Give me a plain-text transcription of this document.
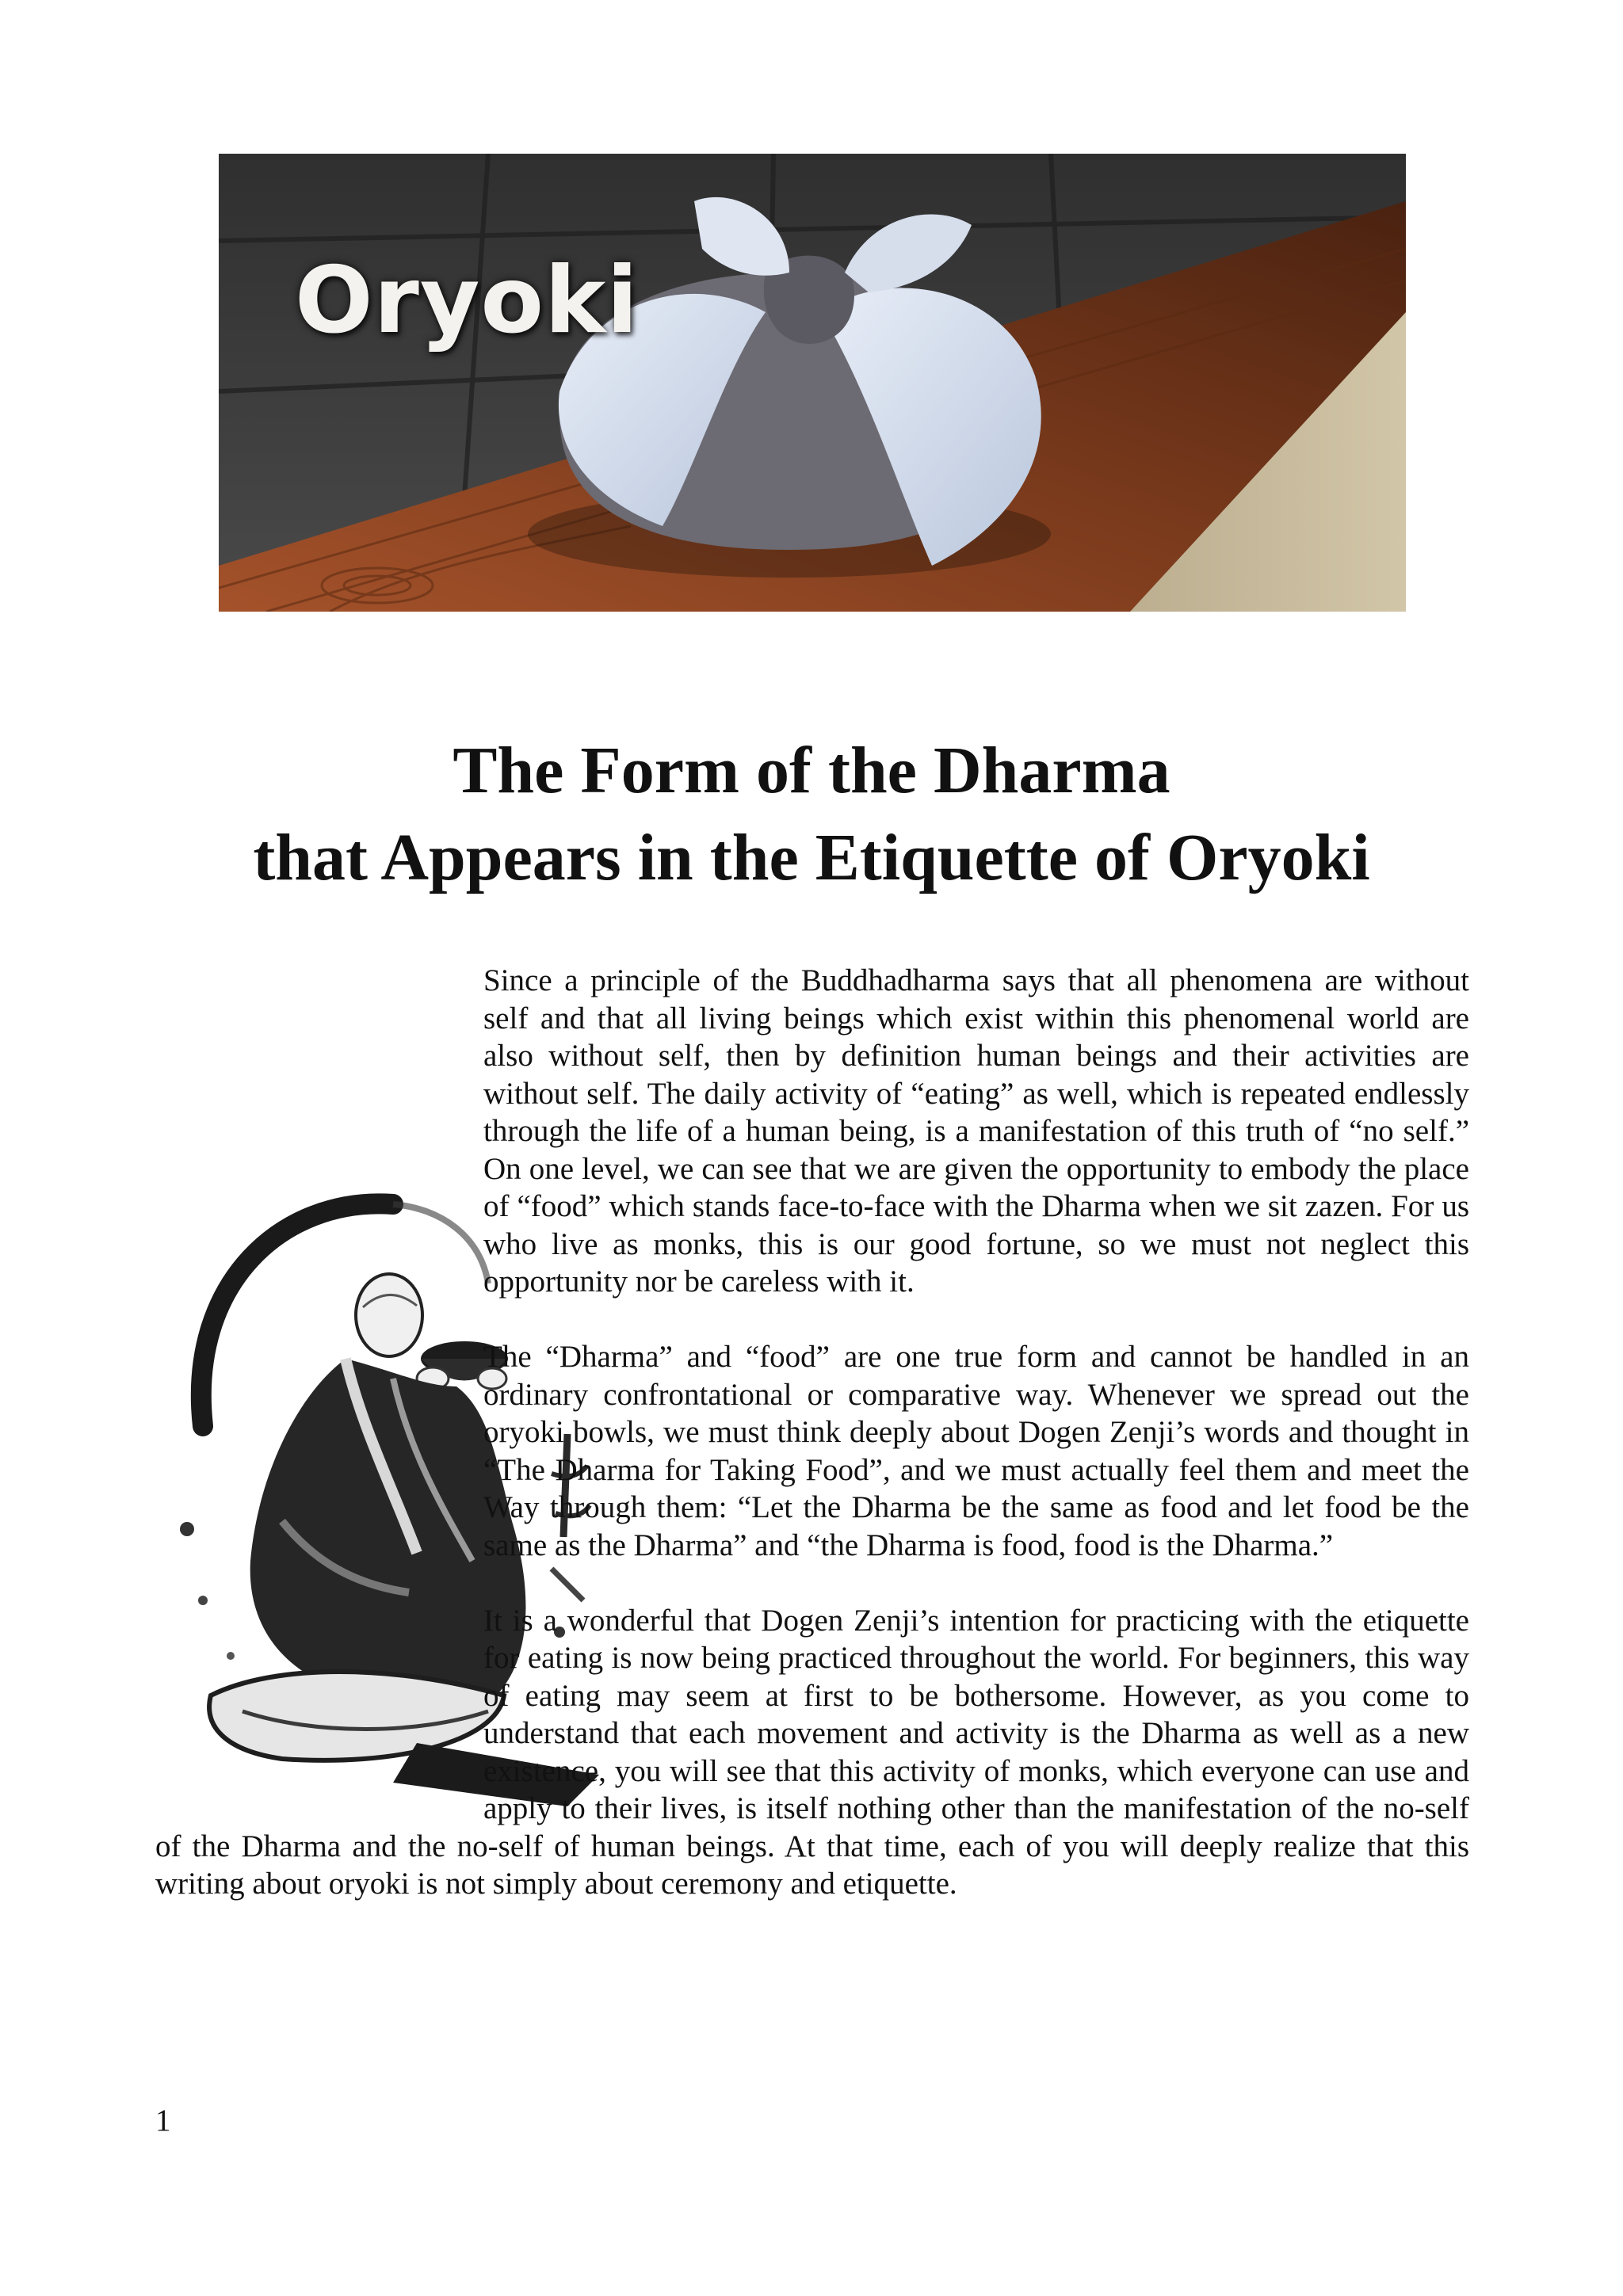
Oryoki
The Form of the Dharma
that Appears in the Etiquette of Oryoki

Since a principle of the Buddhadharma says that all phenomena are without self and that all living beings which exist within this phenomenal world are also without self, then by definition human beings and their activities are without self. The daily activity of “eating” as well, which is repeated endlessly through the life of a human being, is a manifestation of this truth of “no self.” On one level, we can see that we are given the opportunity to embody the place of “food” which stands face-to-face with the Dharma when we sit zazen. For us who live as monks, this is our good fortune, so we must not neglect this opportunity nor be careless with it.

The “Dharma” and “food” are one true form and cannot be handled in an ordinary confrontational or comparative way. Whenever we spread out the oryoki bowls, we must think deeply about Dogen Zenji’s words and thought in “The Dharma for Taking Food”, and we must actually feel them and meet the Way through them: “Let the Dharma be the same as food and let food be the same as the Dharma” and “the Dharma is food, food is the Dharma.”

It is a wonderful that Dogen Zenji’s intention for practicing with the etiquette for eating is now being practiced throughout the world. For beginners, this way of eating may seem at first to be bothersome. However, as you come to understand that each movement and activity is the Dharma as well as a new existence, you will see that this activity of monks, which everyone can use and apply to their lives, is itself nothing other than the manifestation of the no-self of the Dharma and the no-self of human beings. At that time, each of you will deeply realize that this writing about oryoki is not simply about ceremony and etiquette.

1
